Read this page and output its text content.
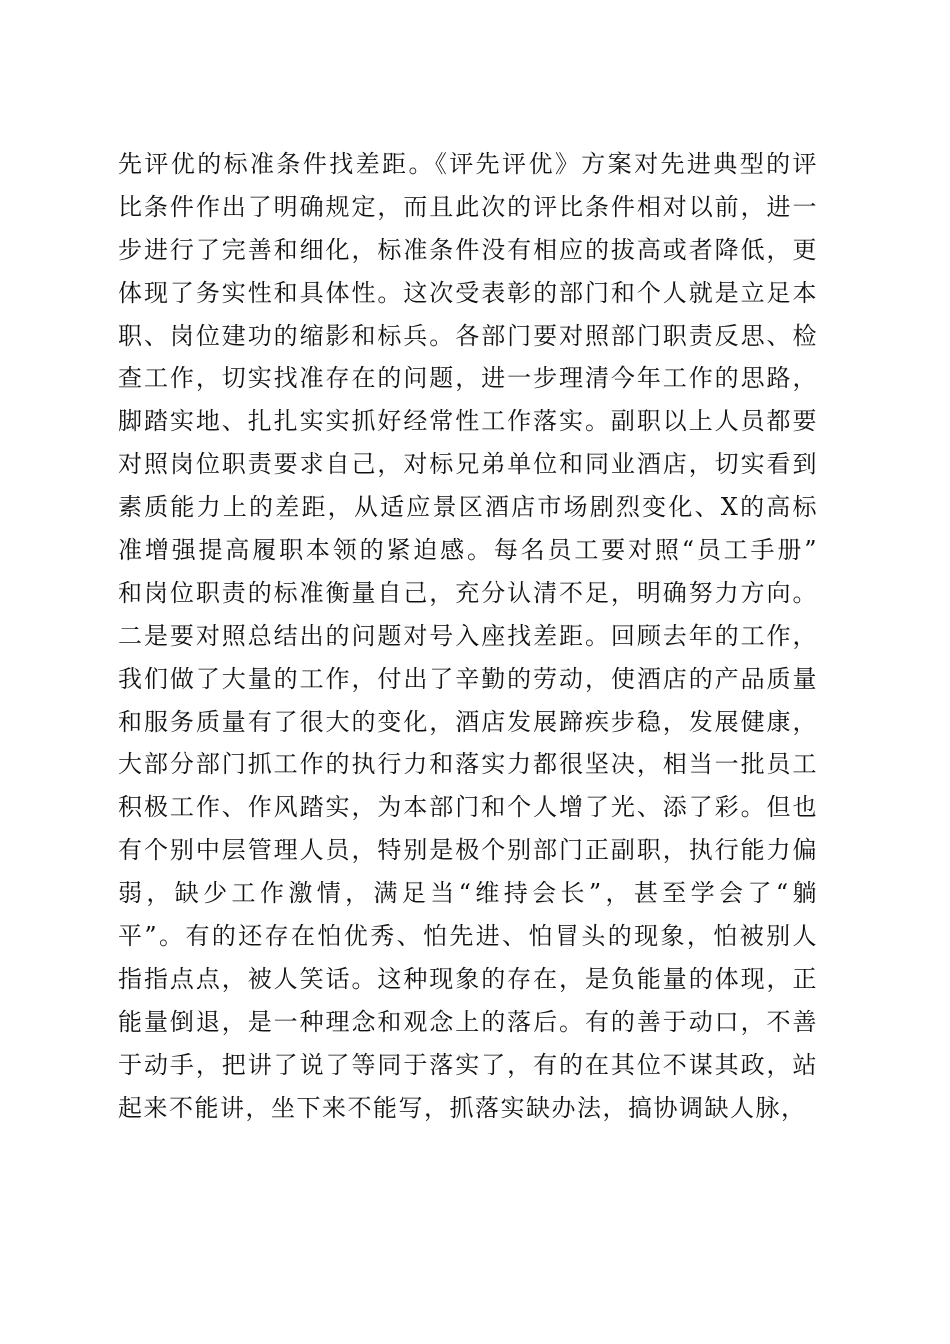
先评优的标准条件找差距。《评先评优》方案对先进典型的评
比条件作出了明确规定，而且此次的评比条件相对以前，进一
步进行了完善和细化，标准条件没有相应的拔高或者降低，更
体现了务实性和具体性。这次受表彰的部门和个人就是立足本
职、岗位建功的缩影和标兵。各部门要对照部门职责反思、检
查工作，切实找准存在的问题，进一步理清今年工作的思路，
脚踏实地、扎扎实实抓好经常性工作落实。副职以上人员都要
对照岗位职责要求自己，对标兄弟单位和同业酒店，切实看到
素质能力上的差距，从适应景区酒店市场剧烈变化、X的高标
准增强提高履职本领的紧迫感。每名员工要对照“员工手册”
和岗位职责的标准衡量自己，充分认清不足，明确努力方向。
二是要对照总结出的问题对号入座找差距。回顾去年的工作，
我们做了大量的工作，付出了辛勤的劳动，使酒店的产品质量
和服务质量有了很大的变化，酒店发展蹄疾步稳，发展健康，
大部分部门抓工作的执行力和落实力都很坚决，相当一批员工
积极工作、作风踏实，为本部门和个人增了光、添了彩。但也
有个别中层管理人员，特别是极个别部门正副职，执行能力偏
弱，缺少工作激情，满足当“维持会长”，甚至学会了“躺
平”。有的还存在怕优秀、怕先进、怕冒头的现象，怕被别人
指指点点，被人笑话。这种现象的存在，是负能量的体现，正
能量倒退，是一种理念和观念上的落后。有的善于动口，不善
于动手，把讲了说了等同于落实了，有的在其位不谋其政，站
起来不能讲，坐下来不能写，抓落实缺办法，搞协调缺人脉，
